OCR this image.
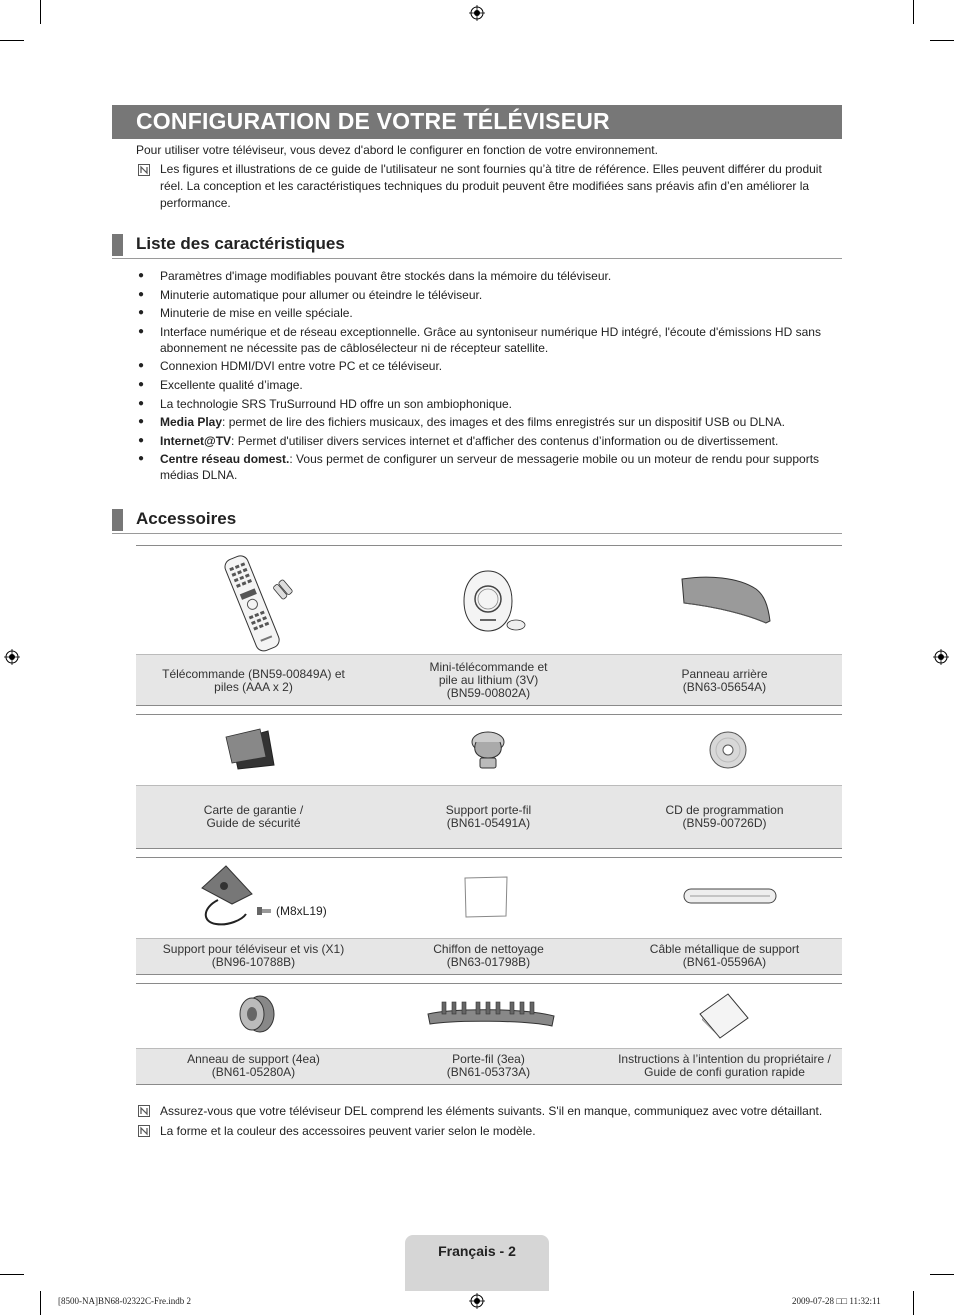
CONFIGURATION DE VOTRE TÉLÉVISEUR
Pour utiliser votre téléviseur, vous devez d'abord le configurer en fonction de votre environnement.
Les figures et illustrations de ce guide de l'utilisateur ne sont fournies qu’à titre de référence. Elles peuvent différer du produit
réel. La conception et les caractéristiques techniques du produit peuvent être modifiées sans préavis afin d’en améliorer la
performance.
Liste des caractéristiques
● Paramètres d'image modifiables pouvant être stockés dans la mémoire du téléviseur.
● Minuterie automatique pour allumer ou éteindre le téléviseur.
● Minuterie de mise en veille spéciale.
● Interface numérique et de réseau exceptionnelle. Grâce au syntoniseur numérique HD intégré, l'écoute d'émissions HD sans
abonnement ne nécessite pas de câblosélecteur ni de récepteur satellite.
● Connexion HDMI/DVI entre votre PC et ce téléviseur.
● Excellente qualité d’image.
● La technologie SRS TruSurround HD offre un son ambiophonique.
● Media Play: permet de lire des fichiers musicaux, des images et des films enregistrés sur un dispositif USB ou DLNA.
● Internet@TV: Permet d'utiliser divers services internet et d'afficher des contenus d’information ou de divertissement.
● Centre réseau domest.: Vous permet de configurer un serveur de messagerie mobile ou un moteur de rendu pour supports
médias DLNA.
Accessoires
Télécommande (BN59-00849A) et
piles (AAA x 2)
Mini-télécommande et
pile au lithium (3V)
(BN59-00802A)
Panneau arrière
(BN63-05654A)
Carte de garantie /
Guide de sécurité
Support porte-fil
(BN61-05491A)
CD de programmation
(BN59-00726D)
(M8xL19)
Support pour téléviseur et vis (X1)
(BN96-10788B)
Chiffon de nettoyage
(BN63-01798B)
Câble métallique de support
(BN61-05596A)
Anneau de support (4ea)
(BN61-05280A)
Porte-fil (3ea)
(BN61-05373A)
Instructions à l’intention du propriétaire /
Guide de confi guration rapide
Assurez-vous que votre téléviseur DEL comprend les éléments suivants. S'il en manque, communiquez avec votre détaillant.
La forme et la couleur des accessoires peuvent varier selon le modèle.
Français - 2
[8500-NA]BN68-02322C-Fre.indb 2	2009-07-28 □□ 11:32:11
